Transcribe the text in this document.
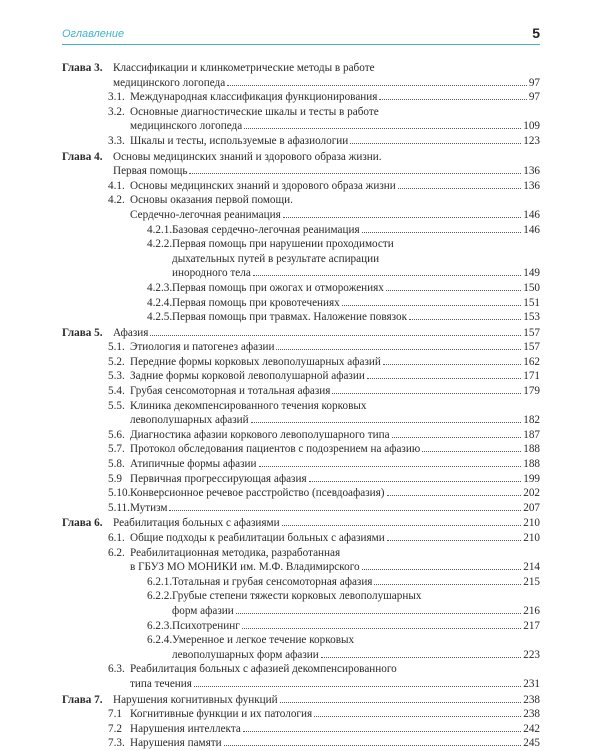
Оглавление	5
Глава 3. Классификации и клинкометрические методы в работе
медицинского логопеда	97
3.1. Международная классификация функционирования	97
3.2. Основные диагностические шкалы и тесты в работе
медицинского логопеда	109
3.3. Шкалы и тесты, используемые в афазиологии	123
Глава 4. Основы медицинских знаний и здорового образа жизни.
Первая помощь	136
4.1. Основы медицинских знаний и здорового образа жизни	136
4.2. Основы оказания первой помощи.
Сердечно-легочная реанимация	146
4.2.1. Базовая сердечно-легочная реанимация	146
4.2.2. Первая помощь при нарушении проходимости
дыхательных путей в результате аспирации
инородного тела	149
4.2.3. Первая помощь при ожогах и отморожениях	150
4.2.4. Первая помощь при кровотечениях	151
4.2.5. Первая помощь при травмах. Наложение повязок	153
Глава 5. Афазия	157
5.1. Этиология и патогенез афазии	157
5.2. Передние формы корковых левополушарных афазий	162
5.3. Задние формы корковой левополушарной афазии	171
5.4. Грубая сенсомоторная и тотальная афазия	179
5.5. Клиника декомпенсированного течения корковых
левополушарных афазий	182
5.6. Диагностика афазии коркового левополушарного типа	187
5.7. Протокол обследования пациентов с подозрением на афазию	188
5.8. Атипичные формы афазии	188
5.9 Первичная прогрессирующая афазия	199
5.10. Конверсионное речевое расстройство (псевдоафазия)	202
5.11. Мутизм	207
Глава 6. Реабилитация больных с афазиями	210
6.1. Общие подходы к реабилитации больных с афазиями	210
6.2. Реабилитационная методика, разработанная
в ГБУЗ МО МОНИКИ им. М.Ф. Владимирского	214
6.2.1. Тотальная и грубая сенсомоторная афазия	215
6.2.2. Грубые степени тяжести корковых левополушарных
форм афазии	216
6.2.3. Психотренинг	217
6.2.4. Умеренное и легкое течение корковых
левополушарных форм афазии	223
6.3. Реабилитация больных с афазией декомпенсированного
типа течения	231
Глава 7. Нарушения когнитивных функций	238
7.1 Когнитивные функции и их патология	238
7.2 Нарушения интеллекта	242
7.3. Нарушения памяти	245
